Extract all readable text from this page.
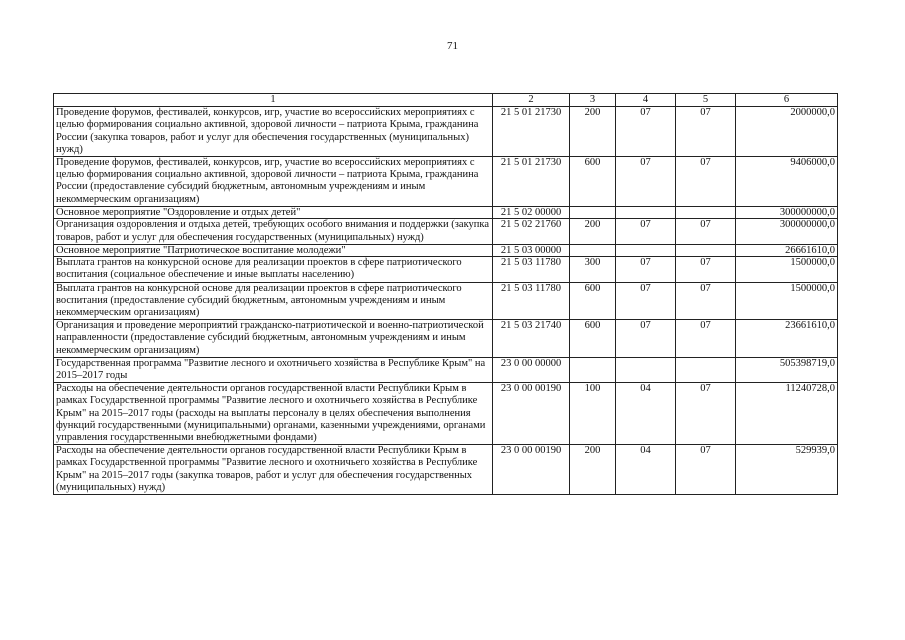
71
1	2	3	4	5	6
Проведение форумов, фестивалей, конкурсов, игр, участие во всероссийских мероприятиях с целью формирования социально активной, здоровой личности – патриота Крыма, гражданина России (закупка товаров, работ и услуг для обеспечения государственных (муниципальных) нужд)	21 5 01 21730	200	07	07	2000000,0
Проведение форумов, фестивалей, конкурсов, игр, участие во всероссийских мероприятиях с целью формирования социально активной, здоровой личности – патриота Крыма, гражданина России (предоставление субсидий бюджетным, автономным учреждениям и иным некоммерческим организациям)	21 5 01 21730	600	07	07	9406000,0
Основное мероприятие "Оздоровление и отдых детей"	21 5 02 00000				300000000,0
Организация оздоровления и отдыха детей, требующих особого внимания и поддержки (закупка товаров, работ и услуг для обеспечения государственных (муниципальных) нужд)	21 5 02 21760	200	07	07	300000000,0
Основное мероприятие "Патриотическое воспитание молодежи"	21 5 03 00000				26661610,0
Выплата грантов на конкурсной основе для реализации проектов в сфере патриотического воспитания (социальное обеспечение и иные выплаты населению)	21 5 03 11780	300	07	07	1500000,0
Выплата грантов на конкурсной основе для реализации проектов в сфере патриотического воспитания (предоставление субсидий бюджетным, автономным учреждениям и иным некоммерческим организациям)	21 5 03 11780	600	07	07	1500000,0
Организация и проведение мероприятий гражданско-патриотической и военно-патриотической направленности (предоставление субсидий бюджетным, автономным учреждениям и иным некоммерческим организациям)	21 5 03 21740	600	07	07	23661610,0
Государственная программа "Развитие лесного и охотничьего хозяйства в Республике Крым" на 2015–2017 годы	23 0 00 00000				505398719,0
Расходы на обеспечение деятельности органов государственной власти Республики Крым в рамках Государственной программы "Развитие лесного и охотничьего хозяйства в Республике Крым" на 2015–2017 годы (расходы на выплаты персоналу в целях обеспечения выполнения функций государственными (муниципальными) органами, казенными учреждениями, органами управления государственными внебюджетными фондами)	23 0 00 00190	100	04	07	11240728,0
Расходы на обеспечение деятельности органов государственной власти Республики Крым в рамках Государственной программы "Развитие лесного и охотничьего хозяйства в Республике Крым" на 2015–2017 годы (закупка товаров, работ и услуг для обеспечения государственных (муниципальных) нужд)	23 0 00 00190	200	04	07	529939,0
